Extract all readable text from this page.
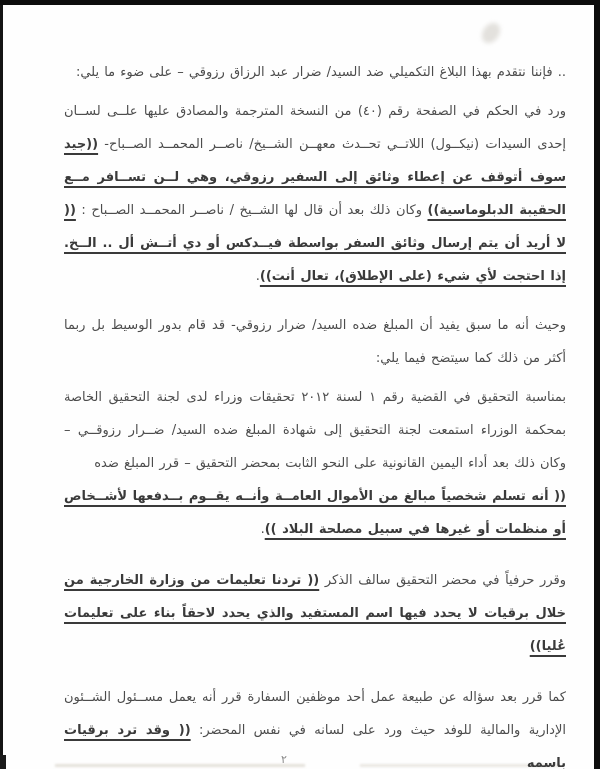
.. فإننا نتقدم بهذا البلاغ التكميلي ضد السيد/ ضرار عبد الرزاق رزوقي – على ضوء ما يلي:

ورد في الحكم في الصفحة رقم (٤٠) من النسخة المترجمة والمصادق عليها علــى لســان إحدى السيدات (نيكــول) اللاتــي تحــدث معهــن الشــيخ/ ناصــر المحمــد الصــباح- ((جيد سوف أتوقف عن إعطاء وثائق إلى السفير رزوقي، وهي لــن تســافر مــع الحقيبة الدبلوماسية)) وكان ذلك بعد أن قال لها الشــيخ / ناصــر المحمــد الصــباح : (( لا أريد أن يتم إرسال وثائق السفر بواسطة فيــدكس أو دي أتــش أل .. الــخ. إذا احتجت لأي شيء (على الإطلاق)، تعال أنت)).

وحيث أنه ما سبق يفيد أن المبلغ ضده السيد/ ضرار رزوقي- قد قام بدور الوسيط بل ربما أكثر من ذلك كما سيتضح فيما يلي:

بمناسبة التحقيق في القضية رقم ١ لسنة ٢٠١٢ تحقيقات وزراء لدى لجنة التحقيق الخاصة بمحكمة الوزراء استمعت لجنة التحقيق إلى شهادة المبلغ ضده السيد/ ضــرار رزوقــي – وكان ذلك بعد أداء اليمين القانونية على النحو الثابت بمحضر التحقيق – قرر المبلغ ضده

(( أنه تسلم شخصياً مبالغ من الأموال العامــة وأنــه يقــوم بــدفعها لأشــخاص أو منظمات أو غيرها في سبيل مصلحة البلاد )).

وقرر حرفياً في محضر التحقيق سالف الذكر (( تردنا تعليمات من وزارة الخارجية من خلال برقيات لا يحدد فيها اسم المستفيد والذي يحدد لاحقاً بناء على تعليمات عُليا))

كما قرر بعد سؤاله عن طبيعة عمل أحد موظفين السفارة قرر أنه يعمل مســئول الشــئون الإدارية والمالية للوفد حيث ورد على لسانه في نفس المحضر: (( وقد ترد برقيات باسمه

٢
